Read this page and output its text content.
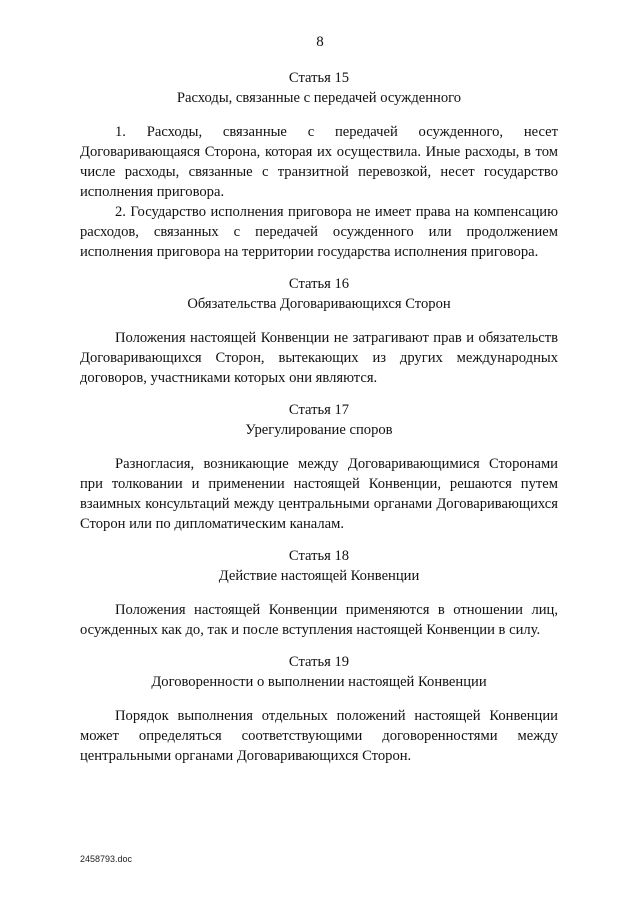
8
Статья 15
Расходы, связанные с передачей осужденного

1. Расходы, связанные с передачей осужденного, несет Договаривающаяся Сторона, которая их осуществила. Иные расходы, в том числе расходы, связанные с транзитной перевозкой, несет государство исполнения приговора.

2. Государство исполнения приговора не имеет права на компенсацию расходов, связанных с передачей осужденного или продолжением исполнения приговора на территории государства исполнения приговора.

Статья 16
Обязательства Договаривающихся Сторон

Положения настоящей Конвенции не затрагивают прав и обязательств Договаривающихся Сторон, вытекающих из других международных договоров, участниками которых они являются.

Статья 17
Урегулирование споров

Разногласия, возникающие между Договаривающимися Сторонами при толковании и применении настоящей Конвенции, решаются путем взаимных консультаций между центральными органами Договаривающихся Сторон или по дипломатическим каналам.

Статья 18
Действие настоящей Конвенции

Положения настоящей Конвенции применяются в отношении лиц, осужденных как до, так и после вступления настоящей Конвенции в силу.

Статья 19
Договоренности о выполнении настоящей Конвенции

Порядок выполнения отдельных положений настоящей Конвенции может определяться соответствующими договоренностями между центральными органами Договаривающихся Сторон.

2458793.doc
